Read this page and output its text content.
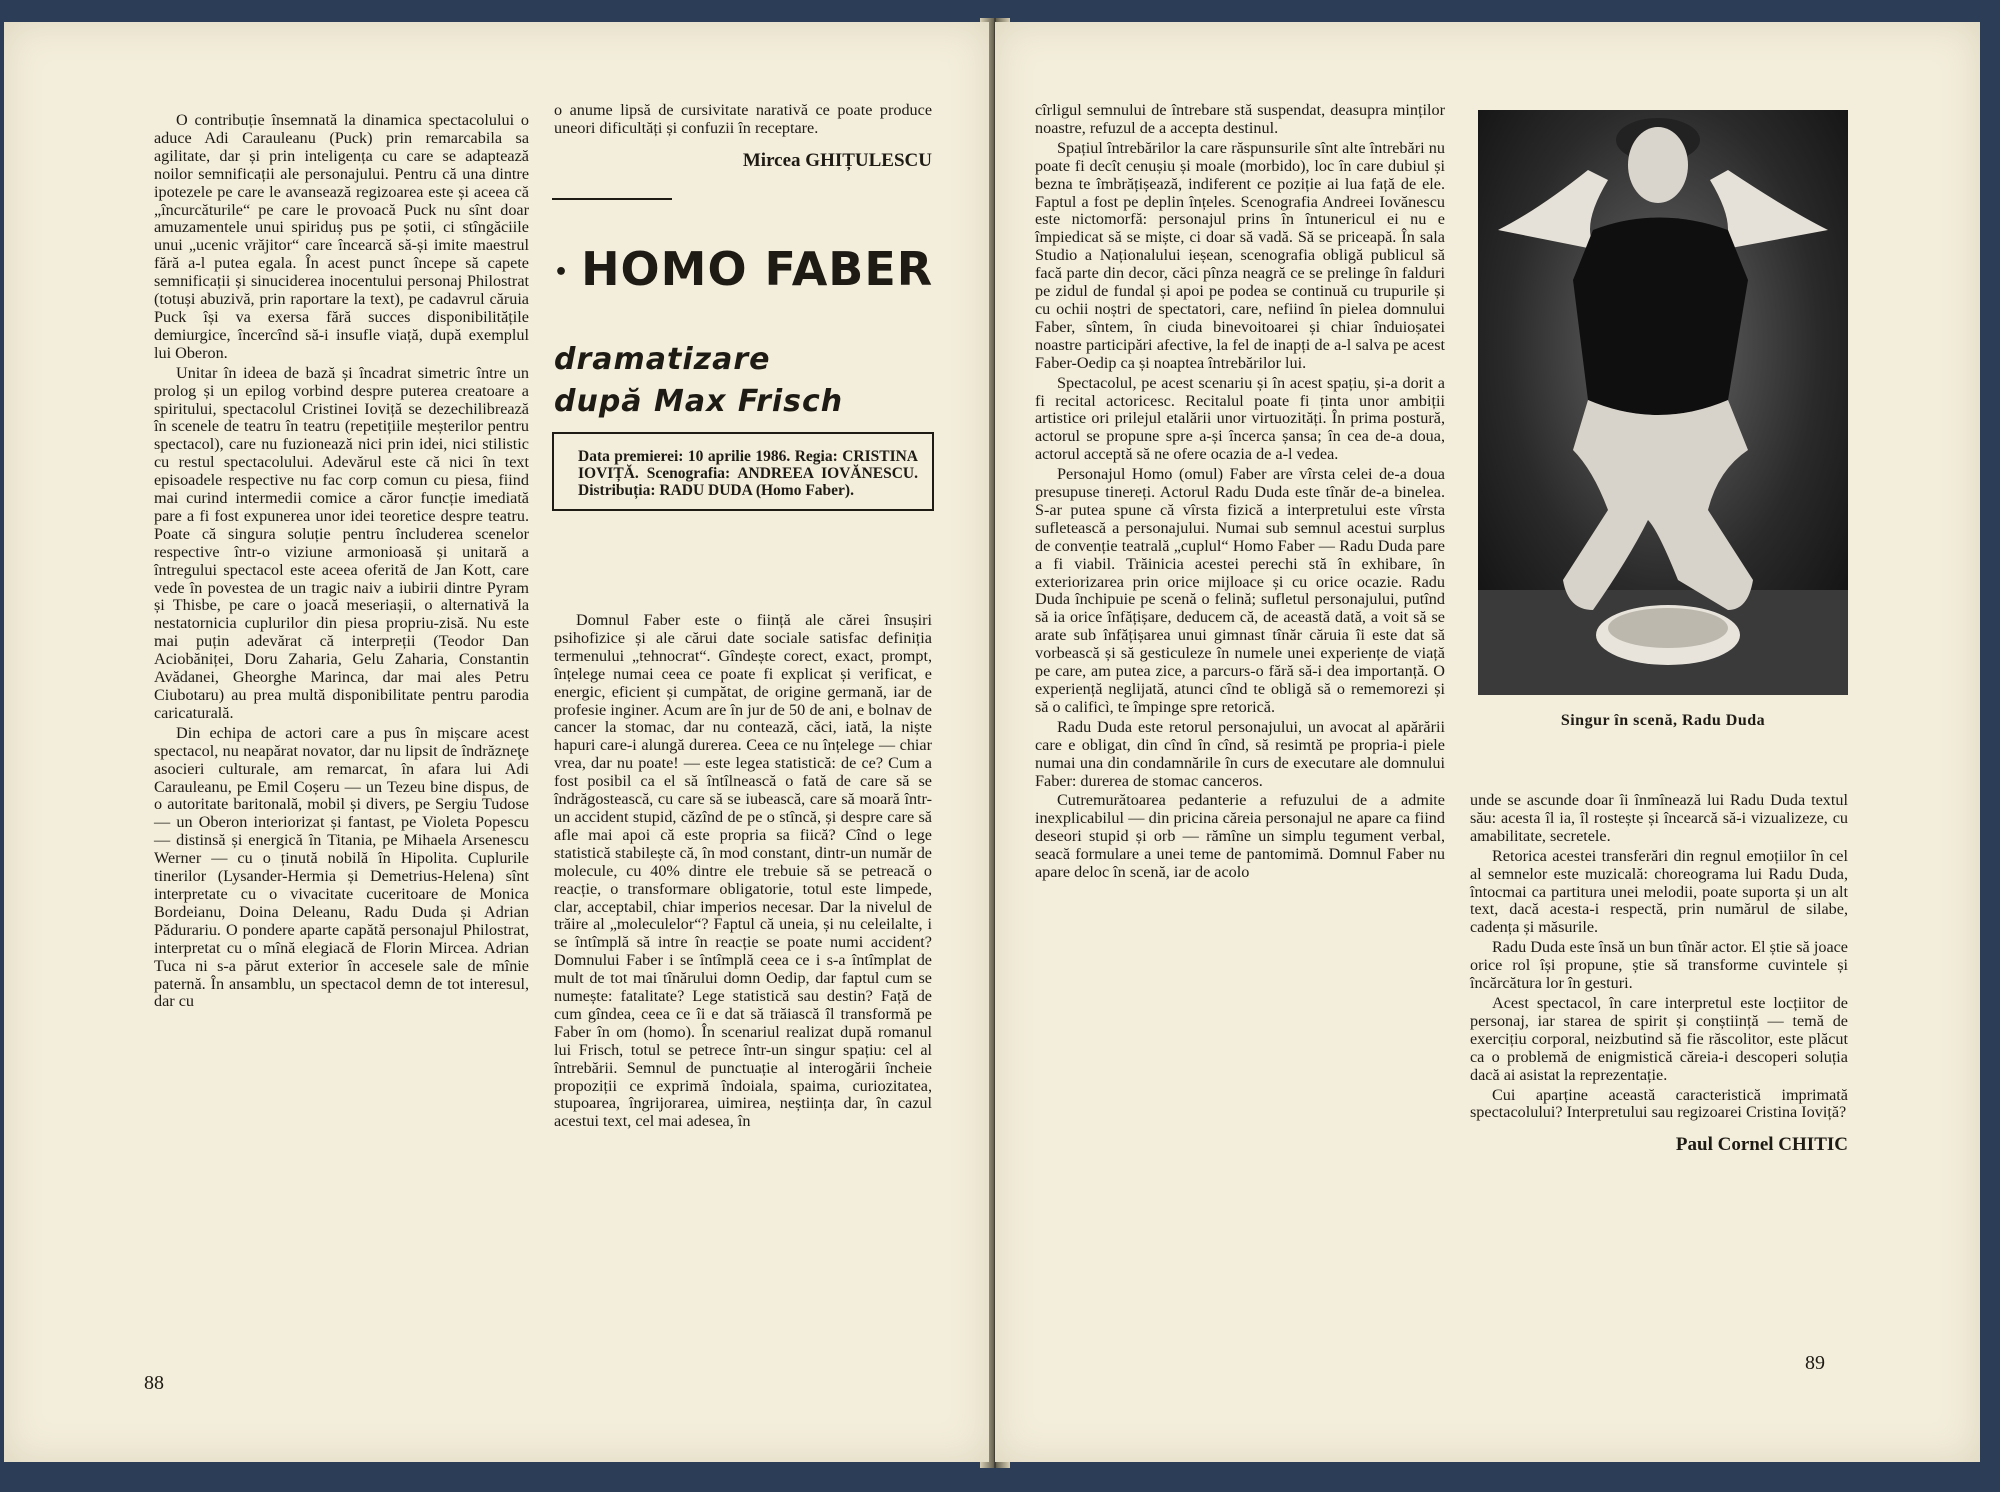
O contribuție însemnată la dinamica spectacolului o aduce Adi Carauleanu (Puck) prin remarcabila sa agilitate, dar și prin inteligența cu care se adaptează noilor semnificații ale personajului. Pentru că una dintre ipotezele pe care le avansează regizoarea este și aceea că „încurcăturile“ pe care le provoacă Puck nu sînt doar amuzamentele unui spiriduș pus pe șotii, ci stîngăciile unui „ucenic vrăjitor“ care încearcă să-și imite maestrul fără a-l putea egala. În acest punct începe să capete semnificații și sinuciderea inocentului personaj Philostrat (totuși abuzivă, prin raportare la text), pe cadavrul căruia Puck își va exersa fără succes disponibilitățile demiurgice, încercînd să-i insufle viață, după exemplul lui Oberon.

Unitar în ideea de bază și încadrat simetric între un prolog și un epilog vorbind despre puterea creatoare a spiritului, spectacolul Cristinei Ioviță se dezechilibrează în scenele de teatru în teatru (repetițiile meșterilor pentru spectacol), care nu fuzionează nici prin idei, nici stilistic cu restul spectacolului. Adevărul este că nici în text episoadele respective nu fac corp comun cu piesa, fiind mai curind intermedii comice a căror funcție imediată pare a fi fost expunerea unor idei teoretice despre teatru. Poate că singura soluție pentru încluderea scenelor respective într-o viziune armonioasă și unitară a întregului spectacol este aceea oferită de Jan Kott, care vede în povestea de un tragic naiv a iubirii dintre Pyram și Thisbe, pe care o joacă meseriașii, o alternativă la nestatornicia cuplurilor din piesa propriu-zisă. Nu este mai puțin adevărat că interpreții (Teodor Dan Aciobăniței, Doru Zaharia, Gelu Zaharia, Constantin Avădanei, Gheorghe Marinca, dar mai ales Petru Ciubotaru) au prea multă disponibilitate pentru parodia caricaturală.

Din echipa de actori care a pus în mișcare acest spectacol, nu neapărat novator, dar nu lipsit de îndrăzneţe asocieri culturale, am remarcat, în afara lui Adi Carauleanu, pe Emil Coșeru — un Tezeu bine dispus, de o autoritate baritonală, mobil și divers, pe Sergiu Tudose — un Oberon interiorizat și fantast, pe Violeta Popescu — distinsă și energică în Titania, pe Mihaela Arsenescu Werner — cu o ținută nobilă în Hipolita. Cuplurile tinerilor (Lysander-Hermia și Demetrius-Helena) sînt interpretate cu o vivacitate cuceritoare de Monica Bordeianu, Doina Deleanu, Radu Duda și Adrian Pădurariu. O pondere aparte capătă personajul Philostrat, interpretat cu o mînă elegiacă de Florin Mircea. Adrian Tuca ni s-a părut exterior în accesele sale de mînie paternă. În ansamblu, un spectacol demn de tot interesul, dar cu

o anume lipsă de cursivitate narativă ce poate produce uneori dificultăți și confuzii în receptare.

Mircea GHIȚULESCU

• HOMO FABER
dramatizare
după Max Frisch
Data premierei: 10 aprilie 1986. Regia: CRISTINA IOVIȚĂ. Scenografia: ANDREEA IOVĂNESCU. Distribuția: RADU DUDA (Homo Faber).

Domnul Faber este o ființă ale cărei însușiri psihofizice și ale cărui date sociale satisfac definiția termenului „tehnocrat“. Gîndește corect, exact, prompt, înțelege numai ceea ce poate fi explicat și verificat, e energic, eficient și cumpătat, de origine germană, iar de profesie inginer. Acum are în jur de 50 de ani, e bolnav de cancer la stomac, dar nu contează, căci, iată, la niște hapuri care-i alungă durerea. Ceea ce nu înțelege — chiar vrea, dar nu poate! — este legea statistică: de ce? Cum a fost posibil ca el să întîlnească o fată de care să se îndrăgostească, cu care să se iubească, care să moară într-un accident stupid, căzînd de pe o stîncă, și despre care să afle mai apoi că este propria sa fiică? Cînd o lege statistică stabilește că, în mod constant, dintr-un număr de molecule, cu 40% dintre ele trebuie să se petreacă o reacție, o transformare obligatorie, totul este limpede, clar, acceptabil, chiar imperios necesar. Dar la nivelul de trăire al „moleculelor“? Faptul că uneia, și nu celeilalte, i se întîmplă să intre în reacție se poate numi accident? Domnului Faber i se întîmplă ceea ce i s-a întîmplat de mult de tot mai tînărului domn Oedip, dar faptul cum se numește: fatalitate? Lege statistică sau destin? Față de cum gîndea, ceea ce îi e dat să trăiască îl transformă pe Faber în om (homo). În scenariul realizat după romanul lui Frisch, totul se petrece într-un singur spațiu: cel al întrebării. Semnul de punctuație al interogării încheie propoziții ce exprimă îndoiala, spaima, curiozitatea, stupoarea, îngrijorarea, uimirea, neștiința dar, în cazul acestui text, cel mai adesea, în

88

cîrligul semnului de întrebare stă suspendat, deasupra minților noastre, refuzul de a accepta destinul.

Spațiul întrebărilor la care răspunsurile sînt alte întrebări nu poate fi decît cenușiu și moale (morbido), loc în care dubiul și bezna te îmbrățișează, indiferent ce poziție ai lua față de ele. Faptul a fost pe deplin înțeles. Scenografia Andreei Iovănescu este nictomorfă: personajul prins în întunericul ei nu e împiedicat să se miște, ci doar să vadă. Să se priceapă. În sala Studio a Naționalului ieșean, scenografia obligă publicul să facă parte din decor, căci pînza neagră ce se prelinge în falduri pe zidul de fundal și apoi pe podea se continuă cu trupurile și cu ochii noștri de spectatori, care, nefiind în pielea domnului Faber, sîntem, în ciuda binevoitoarei și chiar înduioșatei noastre participări afective, la fel de inapți de a-l salva pe acest Faber-Oedip ca și noaptea întrebărilor lui.

Spectacolul, pe acest scenariu și în acest spațiu, și-a dorit a fi recital actoricesc. Recitalul poate fi ținta unor ambiții artistice ori prilejul etalării unor virtuozități. În prima postură, actorul se propune spre a-și încerca șansa; în cea de-a doua, actorul acceptă să ne ofere ocazia de a-l vedea.

Personajul Homo (omul) Faber are vîrsta celei de-a doua presupuse tinereți. Actorul Radu Duda este tînăr de-a binelea. S-ar putea spune că vîrsta fizică a interpretului este vîrsta sufletească a personajului. Numai sub semnul acestui surplus de convenție teatrală „cuplul“ Homo Faber — Radu Duda pare a fi viabil. Trăinicia acestei perechi stă în exhibare, în exteriorizarea prin orice mijloace și cu orice ocazie. Radu Duda închipuie pe scenă o felină; sufletul personajului, putînd să ia orice înfățișare, deducem că, de această dată, a voit să se arate sub înfățișarea unui gimnast tînăr căruia îi este dat să vorbească și să gesticuleze în numele unei experiențe de viață pe care, am putea zice, a parcurs-o fără să-i dea importanță. O experiență neglijată, atunci cînd te obligă să o rememorezi și să o calificì, te împinge spre retorică.

Radu Duda este retorul personajului, un avocat al apărării care e obligat, din cînd în cînd, să resimtă pe propria-i piele numai una din condamnările în curs de executare ale domnului Faber: durerea de stomac canceros.

Cutremurătoarea pedanterie a refuzului de a admite inexplicabilul — din pricina căreia personajul ne apare ca fiind deseori stupid și orb — rămîne un simplu tegument verbal, seacă formulare a unei teme de pantomimă. Domnul Faber nu apare deloc în scenă, iar de acolo

Singur în scenă, Radu Duda

unde se ascunde doar îi înmînează lui Radu Duda textul său: acesta îl ia, îl rostește și încearcă să-i vizualizeze, cu amabilitate, secretele.

Retorica acestei transferări din regnul emoțiilor în cel al semnelor este muzicală: choreograma lui Radu Duda, întocmai ca partitura unei melodii, poate suporta și un alt text, dacă acesta-i respectă, prin numărul de silabe, cadența și măsurile.

Radu Duda este însă un bun tînăr actor. El știe să joace orice rol își propune, știe să transforme cuvintele și încărcătura lor în gesturi.

Acest spectacol, în care interpretul este locțiitor de personaj, iar starea de spirit și conștiință — temă de exercițiu corporal, neizbutind să fie răscolitor, este plăcut ca o problemă de enigmistică căreia-i descoperi soluția dacă ai asistat la reprezentație.

Cui aparține această caracteristică imprimată spectacolului? Interpretului sau regizoarei Cristina Ioviță?

Paul Cornel CHITIC

89
